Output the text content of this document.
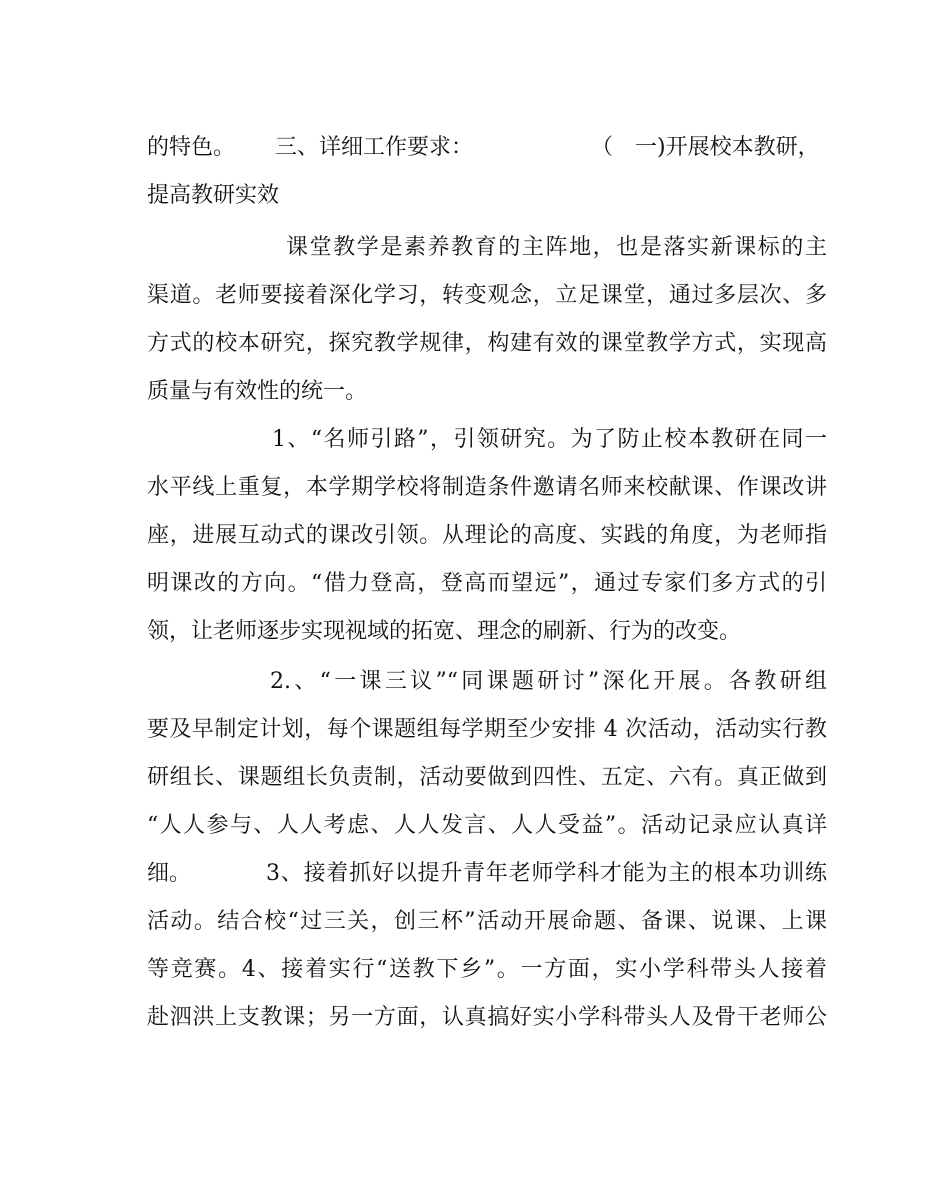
的特色。 三、详细工作要求：	（　一)开展校本教研，
提高教研实效
课堂教学是素养教育的主阵地，也是落实新课标的主
渠道。老师要接着深化学习，转变观念，立足课堂，通过多层次、多
方式的校本研究，探究教学规律，构建有效的课堂教学方式，实现高
质量与有效性的统一。
1、“名师引路”，引领研究。为了防止校本教研在同一
水平线上重复，本学期学校将制造条件邀请名师来校献课、作课改讲
座，进展互动式的课改引领。从理论的高度、实践的角度，为老师指
明课改的方向。“借力登高，登高而望远”，通过专家们多方式的引
领，让老师逐步实现视域的拓宽、理念的刷新、行为的改变。
2.、“一课三议”“同课题研讨”深化开展。各教研组
要及早制定计划，每个课题组每学期至少安排 4 次活动，活动实行教
研组长、课题组长负责制，活动要做到四性、五定、六有。真正做到
“人人参与、人人考虑、人人发言、人人受益”。活动记录应认真详
细。	3、接着抓好以提升青年老师学科才能为主的根本功训练
活动。结合校“过三关，创三杯”活动开展命题、备课、说课、上课
等竞赛。4、接着实行“送教下乡”。一方面，实小学科带头人接着
赴泗洪上支教课；另一方面，认真搞好实小学科带头人及骨干老师公
